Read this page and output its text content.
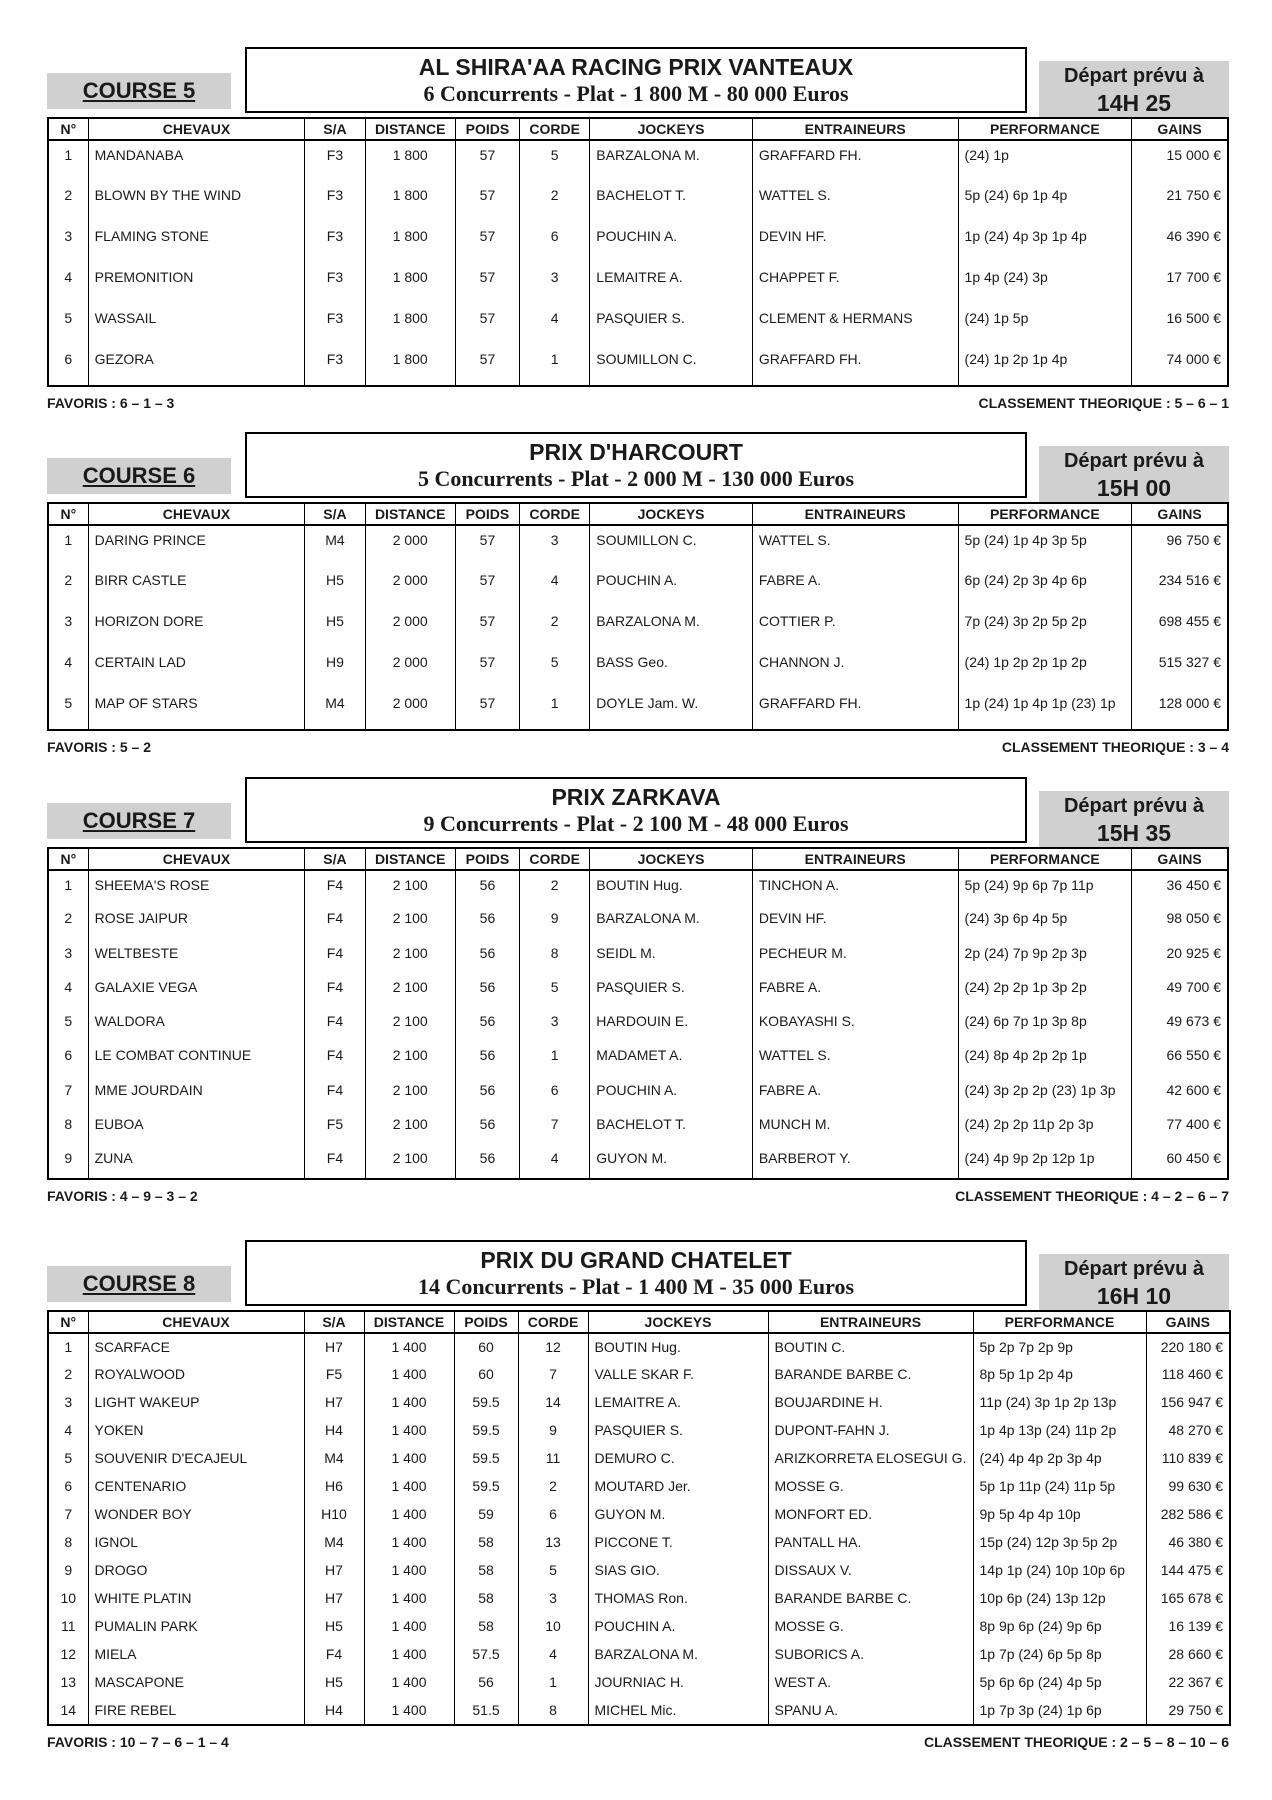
COURSE 5
AL SHIRA'AA RACING PRIX VANTEAUX
6 Concurrents - Plat - 1 800 M - 80 000 Euros
Départ prévu à
14H 25
N°	CHEVAUX	S/A	DISTANCE	POIDS	CORDE	JOCKEYS	ENTRAINEURS	PERFORMANCE	GAINS
1	MANDANABA	F3	1 800	57	5	BARZALONA M.	GRAFFARD FH.	(24) 1p	15 000 €
2	BLOWN BY THE WIND	F3	1 800	57	2	BACHELOT T.	WATTEL S.	5p (24) 6p 1p 4p	21 750 €
3	FLAMING STONE	F3	1 800	57	6	POUCHIN A.	DEVIN HF.	1p (24) 4p 3p 1p 4p	46 390 €
4	PREMONITION	F3	1 800	57	3	LEMAITRE A.	CHAPPET F.	1p 4p (24) 3p	17 700 €
5	WASSAIL	F3	1 800	57	4	PASQUIER S.	CLEMENT & HERMANS	(24) 1p 5p	16 500 €
6	GEZORA	F3	1 800	57	1	SOUMILLON C.	GRAFFARD FH.	(24) 1p 2p 1p 4p	74 000 €
FAVORIS : 6 – 1 – 3	CLASSEMENT THEORIQUE : 5 – 6 – 1
COURSE 6
PRIX D'HARCOURT
5 Concurrents - Plat - 2 000 M - 130 000 Euros
Départ prévu à
15H 00
N°	CHEVAUX	S/A	DISTANCE	POIDS	CORDE	JOCKEYS	ENTRAINEURS	PERFORMANCE	GAINS
1	DARING PRINCE	M4	2 000	57	3	SOUMILLON C.	WATTEL S.	5p (24) 1p 4p 3p 5p	96 750 €
2	BIRR CASTLE	H5	2 000	57	4	POUCHIN A.	FABRE A.	6p (24) 2p 3p 4p 6p	234 516 €
3	HORIZON DORE	H5	2 000	57	2	BARZALONA M.	COTTIER P.	7p (24) 3p 2p 5p 2p	698 455 €
4	CERTAIN LAD	H9	2 000	57	5	BASS Geo.	CHANNON J.	(24) 1p 2p 2p 1p 2p	515 327 €
5	MAP OF STARS	M4	2 000	57	1	DOYLE Jam. W.	GRAFFARD FH.	1p (24) 1p 4p 1p (23) 1p	128 000 €
FAVORIS : 5 – 2	CLASSEMENT THEORIQUE : 3 – 4
COURSE 7
PRIX ZARKAVA
9 Concurrents - Plat - 2 100 M - 48 000 Euros
Départ prévu à
15H 35
N°	CHEVAUX	S/A	DISTANCE	POIDS	CORDE	JOCKEYS	ENTRAINEURS	PERFORMANCE	GAINS
1	SHEEMA'S ROSE	F4	2 100	56	2	BOUTIN Hug.	TINCHON A.	5p (24) 9p 6p 7p 11p	36 450 €
2	ROSE JAIPUR	F4	2 100	56	9	BARZALONA M.	DEVIN HF.	(24) 3p 6p 4p 5p	98 050 €
3	WELTBESTE	F4	2 100	56	8	SEIDL M.	PECHEUR M.	2p (24) 7p 9p 2p 3p	20 925 €
4	GALAXIE VEGA	F4	2 100	56	5	PASQUIER S.	FABRE A.	(24) 2p 2p 1p 3p 2p	49 700 €
5	WALDORA	F4	2 100	56	3	HARDOUIN E.	KOBAYASHI S.	(24) 6p 7p 1p 3p 8p	49 673 €
6	LE COMBAT CONTINUE	F4	2 100	56	1	MADAMET A.	WATTEL S.	(24) 8p 4p 2p 2p 1p	66 550 €
7	MME JOURDAIN	F4	2 100	56	6	POUCHIN A.	FABRE A.	(24) 3p 2p 2p (23) 1p 3p	42 600 €
8	EUBOA	F5	2 100	56	7	BACHELOT T.	MUNCH M.	(24) 2p 2p 11p 2p 3p	77 400 €
9	ZUNA	F4	2 100	56	4	GUYON M.	BARBEROT Y.	(24) 4p 9p 2p 12p 1p	60 450 €
FAVORIS : 4 – 9 – 3 – 2	CLASSEMENT THEORIQUE : 4 – 2 – 6 – 7
COURSE 8
PRIX DU GRAND CHATELET
14 Concurrents - Plat - 1 400 M - 35 000 Euros
Départ prévu à
16H 10
N°	CHEVAUX	S/A	DISTANCE	POIDS	CORDE	JOCKEYS	ENTRAINEURS	PERFORMANCE	GAINS
1	SCARFACE	H7	1 400	60	12	BOUTIN Hug.	BOUTIN C.	5p 2p 7p 2p 9p	220 180 €
2	ROYALWOOD	F5	1 400	60	7	VALLE SKAR F.	BARANDE BARBE C.	8p 5p 1p 2p 4p	118 460 €
3	LIGHT WAKEUP	H7	1 400	59.5	14	LEMAITRE A.	BOUJARDINE H.	11p (24) 3p 1p 2p 13p	156 947 €
4	YOKEN	H4	1 400	59.5	9	PASQUIER S.	DUPONT-FAHN J.	1p 4p 13p (24) 11p 2p	48 270 €
5	SOUVENIR D'ECAJEUL	M4	1 400	59.5	11	DEMURO C.	ARIZKORRETA ELOSEGUI G.	(24) 4p 4p 2p 3p 4p	110 839 €
6	CENTENARIO	H6	1 400	59.5	2	MOUTARD Jer.	MOSSE G.	5p 1p 11p (24) 11p 5p	99 630 €
7	WONDER BOY	H10	1 400	59	6	GUYON M.	MONFORT ED.	9p 5p 4p 4p 10p	282 586 €
8	IGNOL	M4	1 400	58	13	PICCONE T.	PANTALL HA.	15p (24) 12p 3p 5p 2p	46 380 €
9	DROGO	H7	1 400	58	5	SIAS GIO.	DISSAUX V.	14p 1p (24) 10p 10p 6p	144 475 €
10	WHITE PLATIN	H7	1 400	58	3	THOMAS Ron.	BARANDE BARBE C.	10p 6p (24) 13p 12p	165 678 €
11	PUMALIN PARK	H5	1 400	58	10	POUCHIN A.	MOSSE G.	8p 9p 6p (24) 9p 6p	16 139 €
12	MIELA	F4	1 400	57.5	4	BARZALONA M.	SUBORICS A.	1p 7p (24) 6p 5p 8p	28 660 €
13	MASCAPONE	H5	1 400	56	1	JOURNIAC H.	WEST A.	5p 6p 6p (24) 4p 5p	22 367 €
14	FIRE REBEL	H4	1 400	51.5	8	MICHEL Mic.	SPANU A.	1p 7p 3p (24) 1p 6p	29 750 €
FAVORIS : 10 – 7 – 6 – 1 – 4	CLASSEMENT THEORIQUE : 2 – 5 – 8 – 10 – 6
